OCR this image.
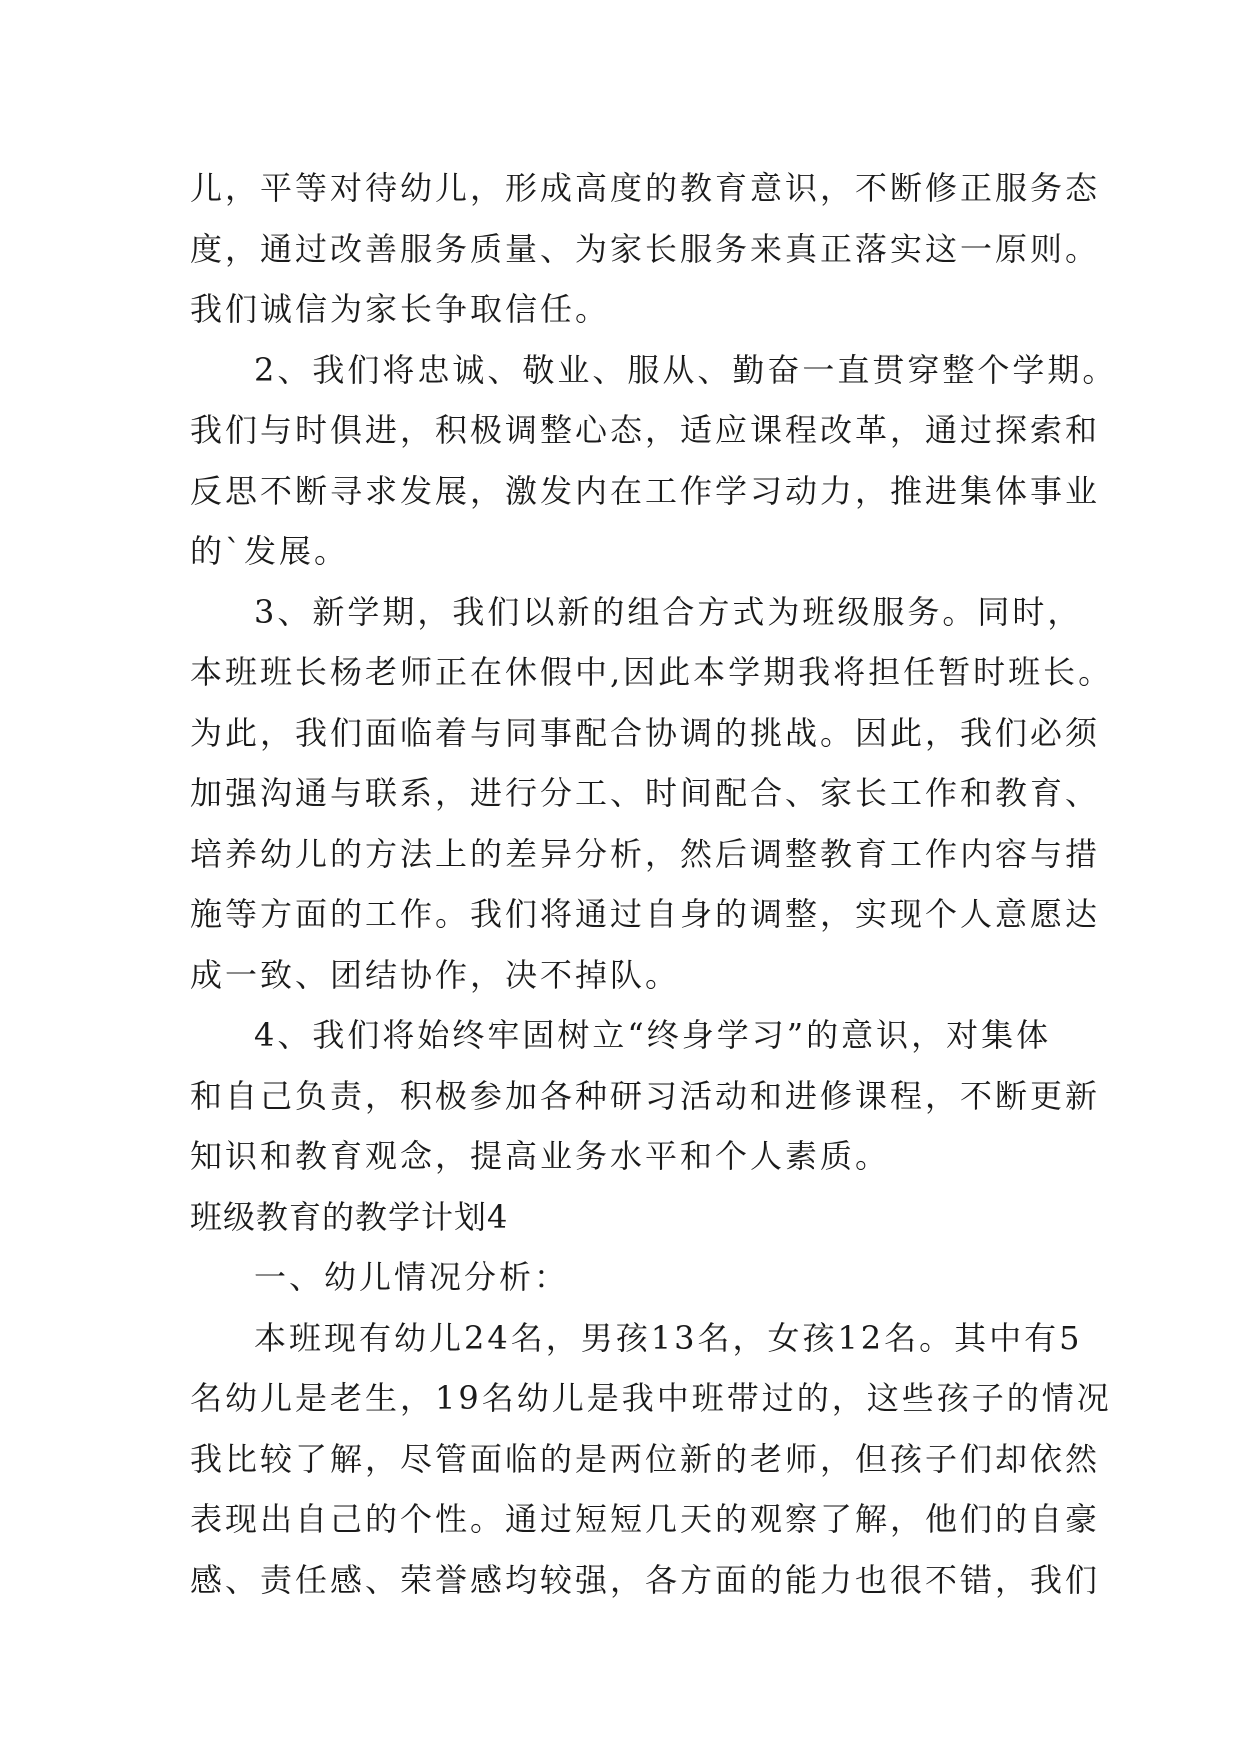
儿，平等对待幼儿，形成高度的教育意识，不断修正服务态
度，通过改善服务质量、为家长服务来真正落实这一原则。
我们诚信为家长争取信任。
2、我们将忠诚、敬业、服从、勤奋一直贯穿整个学期。
我们与时俱进，积极调整心态，适应课程改革，通过探索和
反思不断寻求发展，激发内在工作学习动力，推进集体事业
的`发展。
3、新学期，我们以新的组合方式为班级服务。同时，
本班班长杨老师正在休假中,因此本学期我将担任暂时班长。
为此，我们面临着与同事配合协调的挑战。因此，我们必须
加强沟通与联系，进行分工、时间配合、家长工作和教育、
培养幼儿的方法上的差异分析，然后调整教育工作内容与措
施等方面的工作。我们将通过自身的调整，实现个人意愿达
成一致、团结协作，决不掉队。
4、我们将始终牢固树立“终身学习”的意识，对集体
和自己负责，积极参加各种研习活动和进修课程，不断更新
知识和教育观念，提高业务水平和个人素质。
班级教育的教学计划4
一、幼儿情况分析：
本班现有幼儿24名，男孩13名，女孩12名。其中有5
名幼儿是老生，19名幼儿是我中班带过的，这些孩子的情况
我比较了解，尽管面临的是两位新的老师，但孩子们却依然
表现出自己的个性。通过短短几天的观察了解，他们的自豪
感、责任感、荣誉感均较强，各方面的能力也很不错，我们
